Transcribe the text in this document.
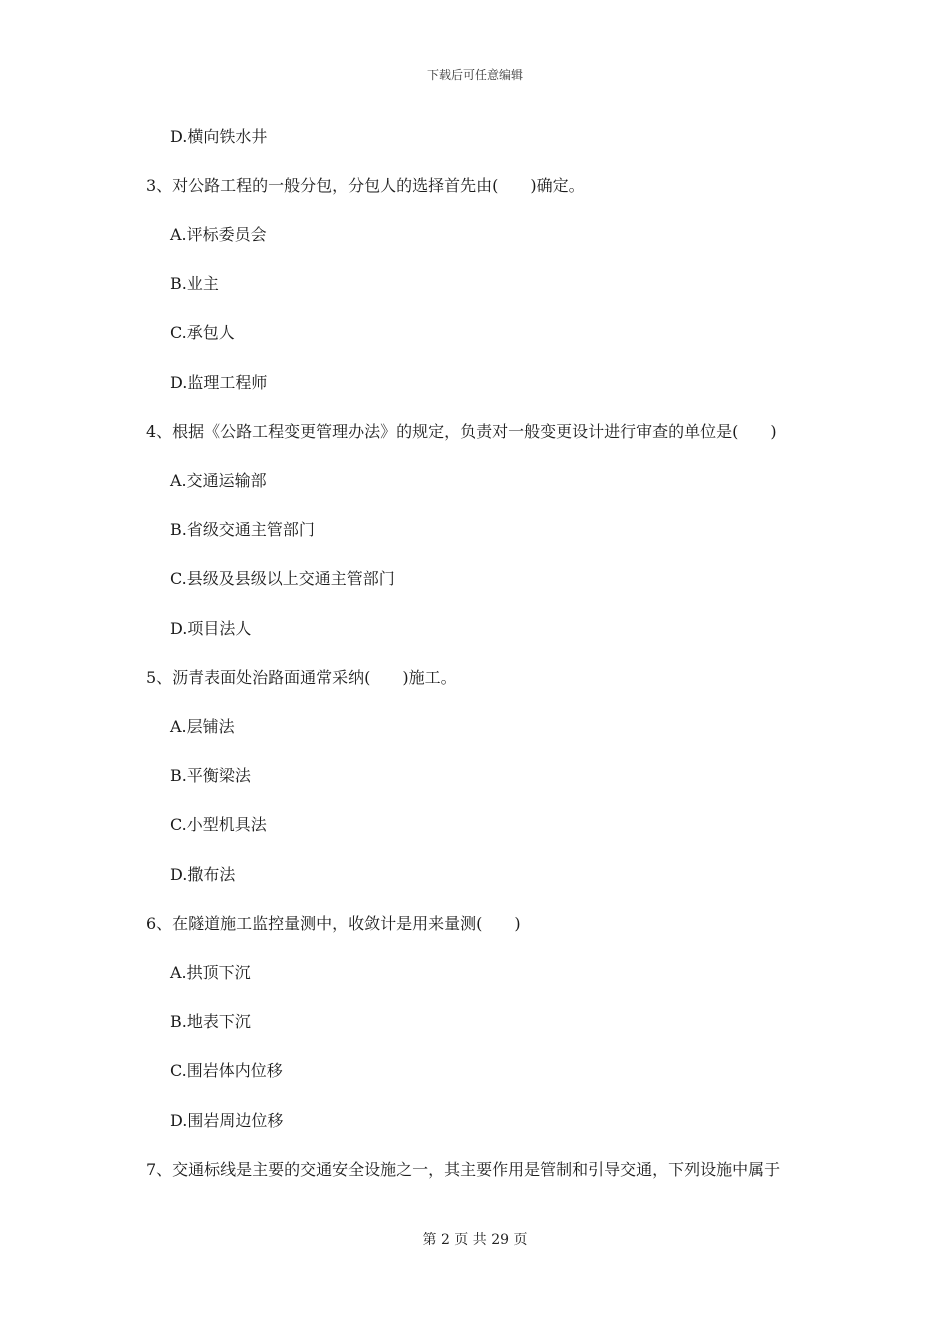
下载后可任意编辑
D.横向铁水井
3、对公路工程的一般分包，分包人的选择首先由(　　)确定。
A.评标委员会
B.业主
C.承包人
D.监理工程师
4、根据《公路工程变更管理办法》的规定，负责对一般变更设计进行审查的单位是(　　)
A.交通运输部
B.省级交通主管部门
C.县级及县级以上交通主管部门
D.项目法人
5、沥青表面处治路面通常采纳(　　)施工。
A.层铺法
B.平衡梁法
C.小型机具法
D.撒布法
6、在隧道施工监控量测中，收敛计是用来量测(　　)
A.拱顶下沉
B.地表下沉
C.围岩体内位移
D.围岩周边位移
7、交通标线是主要的交通安全设施之一，其主要作用是管制和引导交通，下列设施中属于
第 2 页 共 29 页
